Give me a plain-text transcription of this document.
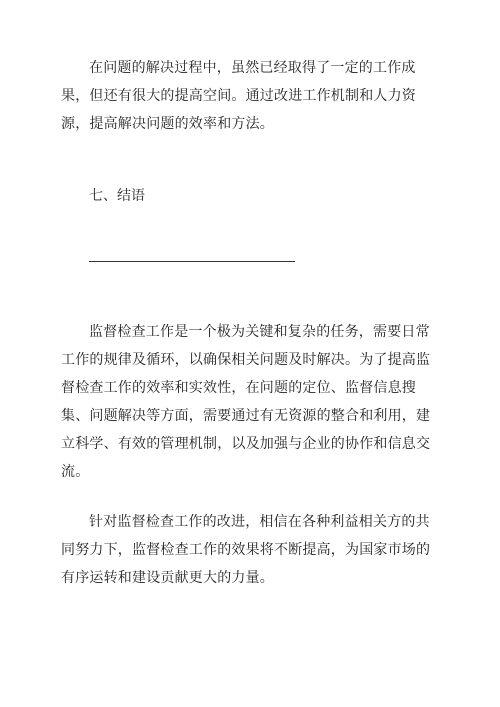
在问题的解决过程中，虽然已经取得了一定的工作成果，但还有很大的提高空间。通过改进工作机制和人力资源，提高解决问题的效率和方法。

七、结语

监督检查工作是一个极为关键和复杂的任务，需要日常工作的规律及循环，以确保相关问题及时解决。为了提高监督检查工作的效率和实效性，在问题的定位、监督信息搜集、问题解决等方面，需要通过有无资源的整合和利用，建立科学、有效的管理机制，以及加强与企业的协作和信息交流。

针对监督检查工作的改进，相信在各种利益相关方的共同努力下，监督检查工作的效果将不断提高，为国家市场的有序运转和建设贡献更大的力量。
